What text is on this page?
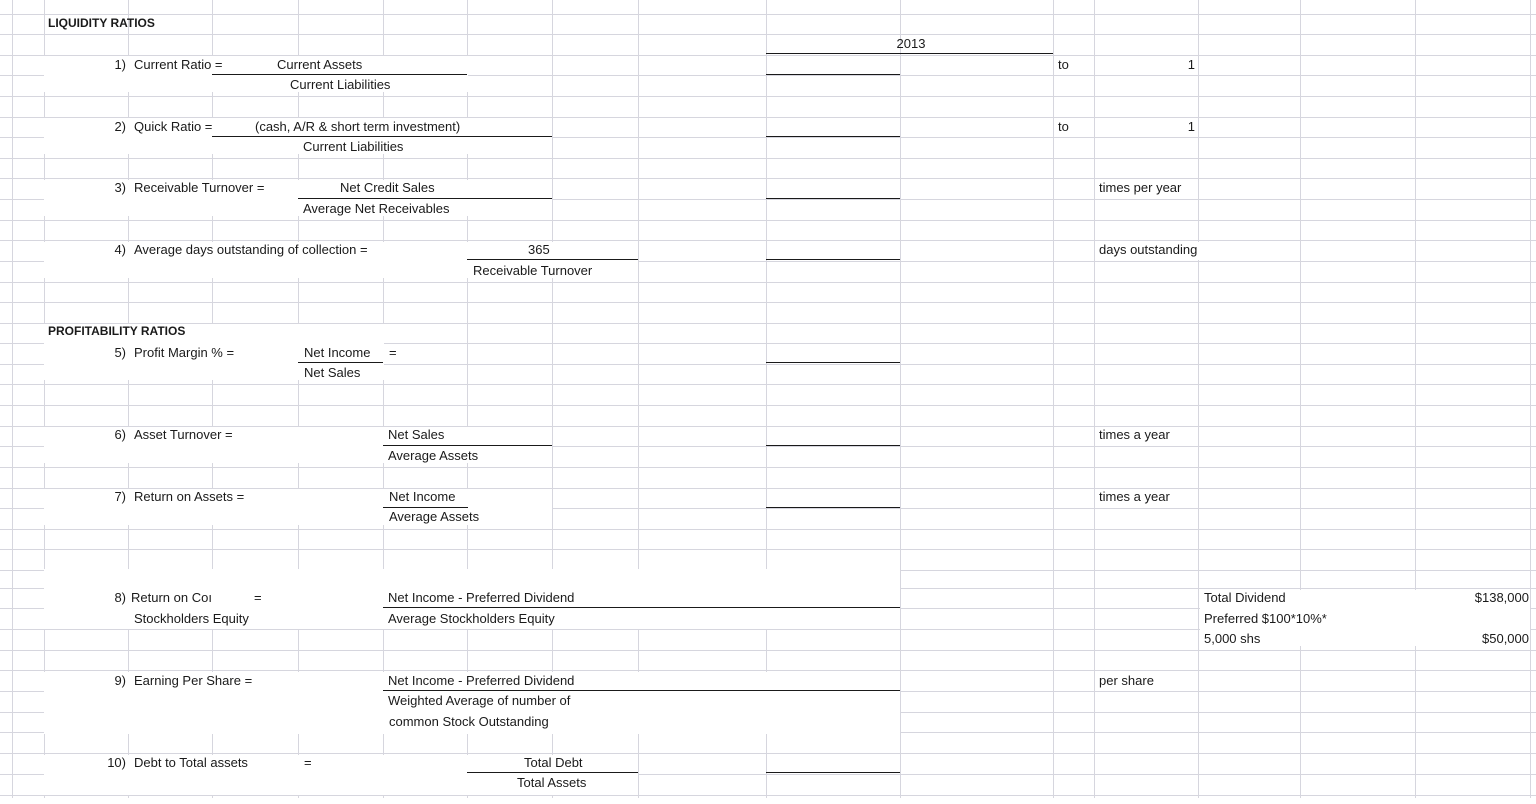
LIQUIDITY RATIOS
PROFITABILITY RATIOS
2013
1) Current Ratio =	Current Assets
Current Liabilities
to	1
2) Quick Ratio =	(cash, A/R & short term investment)
Current Liabilities
to	1
3) Receivable Turnover =	Net Credit Sales
Average Net Receivables
times per year
4) Average days outstanding of collection =	365
Receivable Turnover
days outstanding
5) Profit Margin % =	Net Income =
Net Sales
6) Asset Turnover =	Net Sales
Average Assets
times a year
7) Return on Assets =	Net Income
Average Assets
times a year
8) Return on Coı	=
Stockholders Equity
Net Income - Preferred Dividend
Average Stockholders Equity
Total Dividend	$138,000
Preferred $100*10%*
5,000 shs	$50,000
9) Earning Per Share =	Net Income - Preferred Dividend
Weighted Average of number of
common Stock Outstanding
per share
10) Debt to Total assets	=	Total Debt
Total Assets
